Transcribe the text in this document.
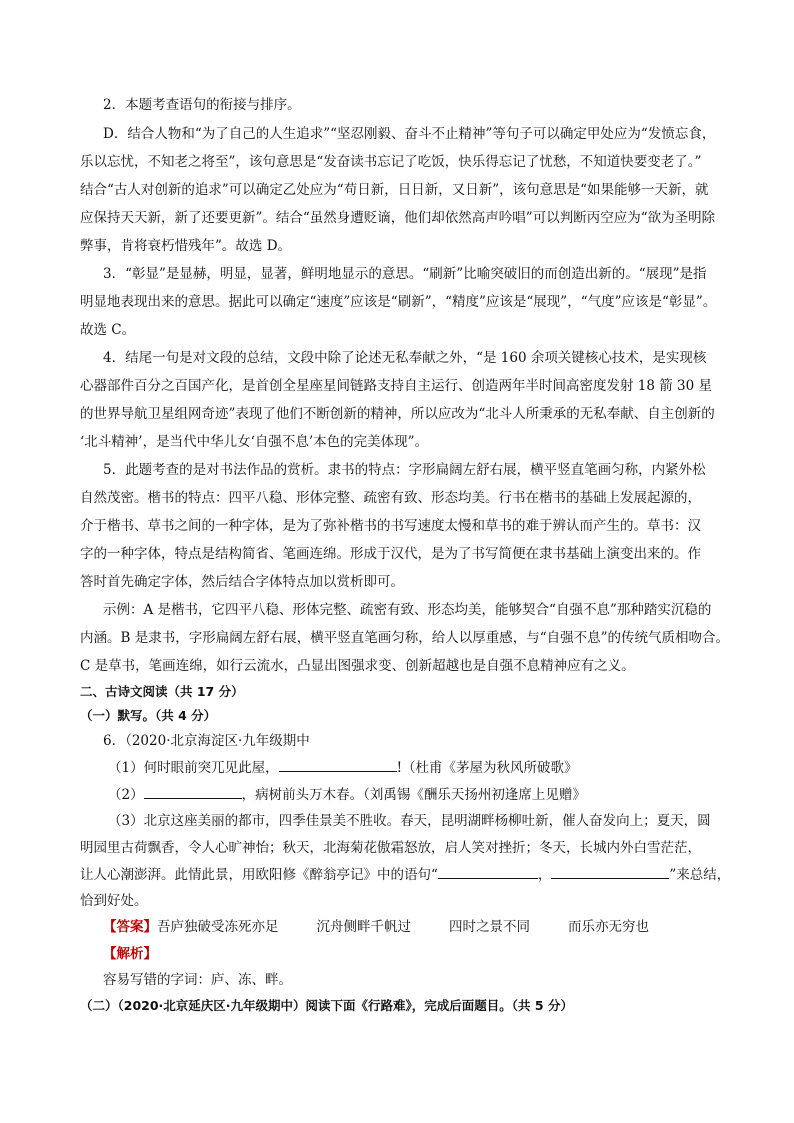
2．本题考查语句的衔接与排序。
D．结合人物和“为了自己的人生追求”“坚忍刚毅、奋斗不止精神”等句子可以确定甲处应为“发愤忘食，
乐以忘忧，不知老之将至”，该句意思是“发奋读书忘记了吃饭，快乐得忘记了忧愁，不知道快要变老了。”
结合“古人对创新的追求”可以确定乙处应为“苟日新，日日新，又日新”，该句意思是“如果能够一天新，就
应保持天天新，新了还要更新”。结合“虽然身遭贬谪，他们却依然高声吟唱”可以判断丙空应为“欲为圣明除
弊事，肯将衰朽惜残年”。故选 D。
3．“彰显”是显赫，明显，显著，鲜明地显示的意思。“刷新”比喻突破旧的而创造出新的。“展现”是指
明显地表现出来的意思。据此可以确定“速度”应该是“刷新”，“精度”应该是“展现”，“气度”应该是“彰显”。
故选 C。
4．结尾一句是对文段的总结，文段中除了论述无私奉献之外，“是 160 余项关键核心技术，是实现核
心器部件百分之百国产化，是首创全星座星间链路支持自主运行、创造两年半时间高密度发射 18 箭 30 星
的世界导航卫星组网奇迹”表现了他们不断创新的精神，所以应改为“北斗人所秉承的无私奉献、自主创新的
‘北斗精神’，是当代中华儿女‘自强不息’本色的完美体现”。
5．此题考查的是对书法作品的赏析。隶书的特点：字形扁阔左舒右展，横平竖直笔画匀称，内紧外松
自然茂密。楷书的特点：四平八稳、形体完整、疏密有致、形态均美。行书在楷书的基础上发展起源的，
介于楷书、草书之间的一种字体，是为了弥补楷书的书写速度太慢和草书的难于辨认而产生的。草书：汉
字的一种字体，特点是结构简省、笔画连绵。形成于汉代，是为了书写简便在隶书基础上演变出来的。作
答时首先确定字体，然后结合字体特点加以赏析即可。
示例：A 是楷书，它四平八稳、形体完整、疏密有致、形态均美，能够契合“自强不息”那种踏实沉稳的
内涵。B 是隶书，字形扁阔左舒右展，横平竖直笔画匀称，给人以厚重感，与“自强不息”的传统气质相吻合。
C 是草书，笔画连绵，如行云流水，凸显出图强求变、创新超越也是自强不息精神应有之义。
二、古诗文阅读（共 17 分）
（一）默写。（共 4 分）
6．（2020·北京海淀区·九年级期中
（1）何时眼前突兀见此屋，	!（杜甫《茅屋为秋风所破歌》
（2）	，病树前头万木春。（刘禹锡《酬乐天扬州初逢席上见赠》
（3）北京这座美丽的都市，四季佳景美不胜收。春天，昆明湖畔杨柳吐新，催人奋发向上；夏天，圆
明园里古荷飘香，令人心旷神怡；秋天，北海菊花傲霜怒放，启人笑对挫折；冬天，长城内外白雪茫茫，
让人心潮澎湃。此情此景，用欧阳修《醉翁亭记》中的语句“	，	”来总结，
恰到好处。
【答案】吾庐独破受冻死亦足	沉舟侧畔千帆过	四时之景不同	而乐亦无穷也
【解析】
容易写错的字词：庐、冻、畔。
（二）（2020·北京延庆区·九年级期中）阅读下面《行路难》，完成后面题目。（共 5 分）
